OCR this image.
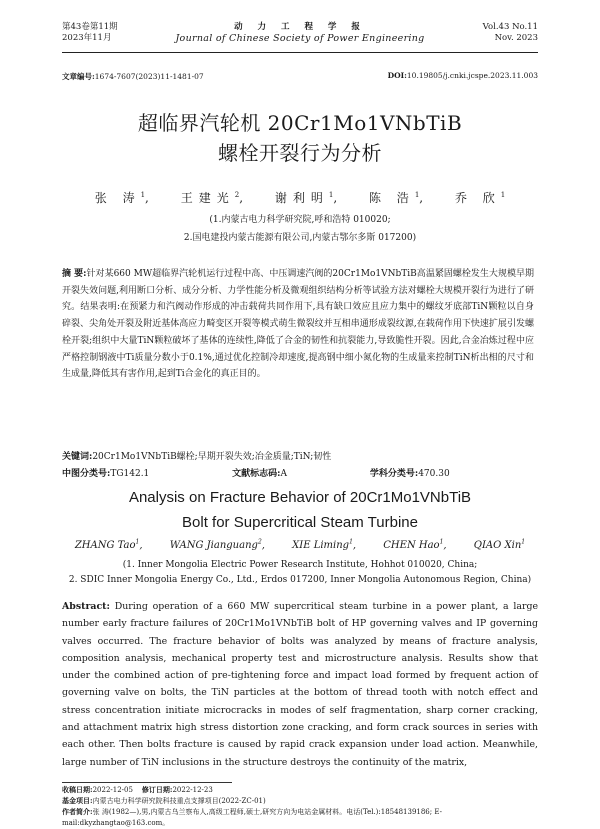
第43卷第11期
2023年11月
动 力 工 程 学 报
Journal of Chinese Society of Power Engineering
Vol.43 No.11
Nov. 2023
文章编号:1674-7607(2023)11-1481-07	DOI:10.19805/j.cnki.jcspe.2023.11.003
超临界汽轮机 20Cr1Mo1VNbTiB
螺栓开裂行为分析
张 涛$^1$, 王建光$^2$, 谢利明$^1$, 陈 浩$^1$, 乔 欣$^1$
(1.内蒙古电力科学研究院,呼和浩特 010020;
2.国电建投内蒙古能源有限公司,内蒙古鄂尔多斯 017200)
摘 要:针对某660 MW超临界汽轮机运行过程中高、中压调速汽阀的20Cr1Mo1VNbTiB高温紧固螺栓发生大规模早期开裂失效问题,利用断口分析、成分分析、力学性能分析及微观组织结构分析等试验方法对螺栓大规模开裂行为进行了研究。结果表明:在预紧力和汽阀动作形成的冲击载荷共同作用下,具有缺口效应且应力集中的螺纹牙底部TiN颗粒以自身碎裂、尖角处开裂及附近基体高应力畸变区开裂等模式萌生微裂纹并互相串通形成裂纹源,在载荷作用下快速扩展引发螺栓开裂;组织中大量TiN颗粒破坏了基体的连续性,降低了合金的韧性和抗裂能力,导致脆性开裂。因此,合金冶炼过程中应严格控制钢液中Ti质量分数小于0.1%,通过优化控制冷却速度,提高钢中细小氮化物的生成量来控制TiN析出相的尺寸和生成量,降低其有害作用,起到Ti合金化的真正目的。
关键词:20Cr1Mo1VNbTiB螺栓;早期开裂失效;冶金质量;TiN;韧性
中图分类号:TG142.1	文献标志码:A	学科分类号:470.30
Analysis on Fracture Behavior of 20Cr1Mo1VNbTiB
Bolt for Supercritical Steam Turbine
ZHANG Tao$^1$,	WANG Jianguang$^2$,	XIE Liming$^1$,	CHEN Hao$^1$,	QIAO Xin$^1$
(1. Inner Mongolia Electric Power Research Institute, Hohhot 010020, China;
2. SDIC Inner Mongolia Energy Co., Ltd., Erdos 017200, Inner Mongolia Autonomous Region, China)
Abstract: During operation of a 660 MW supercritical steam turbine in a power plant, a large number early fracture failures of 20Cr1Mo1VNbTiB bolt of HP governing valves and IP governing valves occurred. The fracture behavior of bolts was analyzed by means of fracture analysis, composition analysis, mechanical property test and microstructure analysis. Results show that under the combined action of pre-tightening force and impact load formed by frequent action of governing valve on bolts, the TiN particles at the bottom of thread tooth with notch effect and stress concentration initiate microcracks in modes of self fragmentation, sharp corner cracking, and attachment matrix high stress distortion zone cracking, and form crack sources in series with each other. Then bolts fracture is caused by rapid crack expansion under load action. Meanwhile, large number of TiN inclusions in the structure destroys the continuity of the matrix,
收稿日期:2022-12-05 修订日期:2022-12-23
基金项目:内蒙古电力科学研究院科技重点支撑项目(2022-ZC-01)
作者简介:张 涛(1982—),男,内蒙古乌兰察布人,高级工程师,硕士,研究方向为电站金属材料。电话(Tel.):18548139186; E-mail:dkyzhangtao@163.com。
